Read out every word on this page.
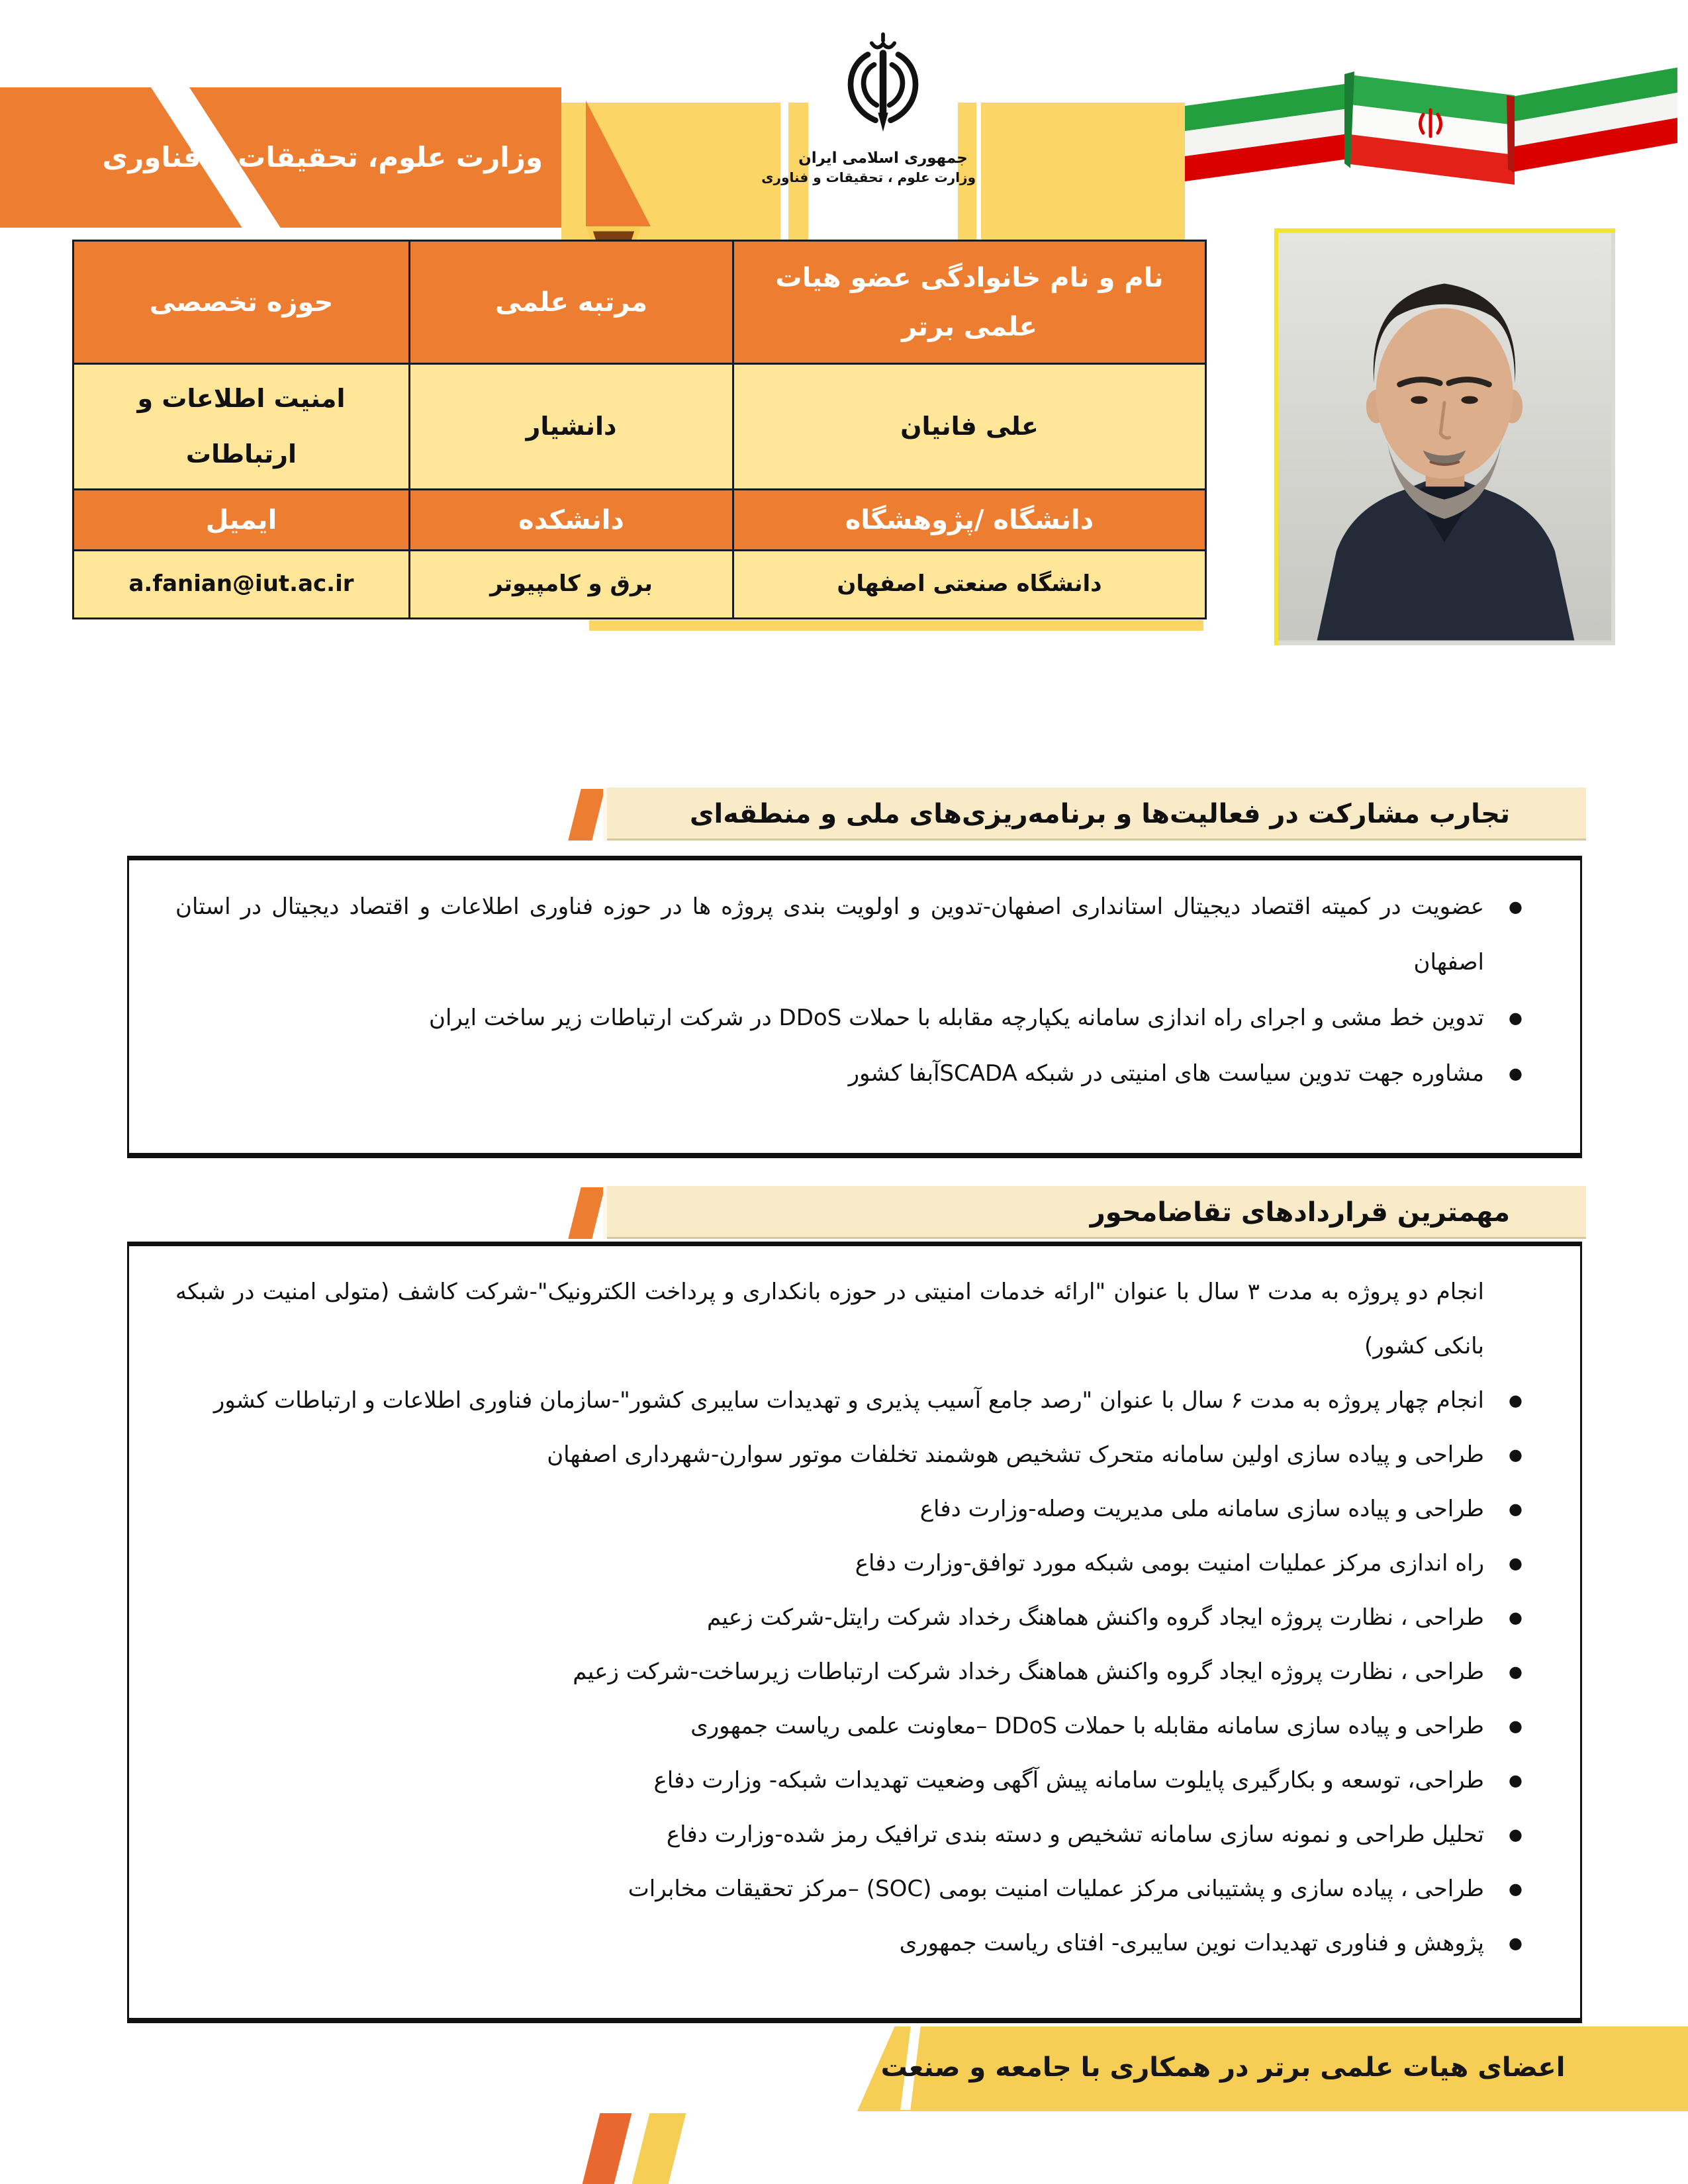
وزارت علوم، تحقیقات و فناوری	جمهوری اسلامی ایران
وزارت علوم ، تحقیقات و فناوری
نام و نام خانوادگی عضو هیات علمی برتر	مرتبه علمی	حوزه تخصصی
علی فانیان	دانشیار	امنیت اطلاعات و ارتباطات
دانشگاه /پژوهشگاه	دانشکده	ایمیل
دانشگاه صنعتی اصفهان	برق و کامپیوتر	a.fanian@iut.ac.ir
تجارب مشارکت در فعالیت‌ها و برنامه‌ریزی‌های ملی و منطقه‌ای
●
عضویت در کمیته اقتصاد دیجیتال استانداری اصفهان-تدوین و اولویت بندی پروژه ها در حوزه فناوری اطلاعات و اقتصاد دیجیتال در استان اصفهان
●
تدوین خط مشی و اجرای راه اندازی سامانه یکپارچه مقابله با حملات DDoS در شرکت ارتباطات زیر ساخت ایران
●
مشاوره جهت تدوین سیاست های امنیتی در شبکه SCADAآبفا کشور
مهمترین قراردادهای تقاضامحور
انجام دو پروژه به مدت ۳ سال با عنوان "ارائه خدمات امنیتی در حوزه بانکداری و پرداخت الکترونیک"-شرکت کاشف (متولی امنیت در شبکه بانکی کشور)
●
انجام چهار پروژه به مدت ۶ سال با عنوان "رصد جامع آسیب پذیری و تهدیدات سایبری کشور"-سازمان فناوری اطلاعات و ارتباطات کشور
●
طراحی و پیاده سازی اولین سامانه متحرک تشخیص هوشمند تخلفات موتور سوارن-شهرداری اصفهان
●
طراحی و پیاده سازی سامانه ملی مدیریت وصله-وزارت دفاع
●
راه اندازی مرکز عملیات امنیت بومی شبکه مورد توافق-وزارت دفاع
●
طراحی ، نظارت پروژه ایجاد گروه واکنش هماهنگ رخداد شرکت رایتل-شرکت زعیم
●
طراحی ، نظارت پروژه ایجاد گروه واکنش هماهنگ رخداد شرکت ارتباطات زیرساخت-شرکت زعیم
●
طراحی و پیاده سازی سامانه مقابله با حملات DDoS –معاونت علمی ریاست جمهوری
●
طراحی، توسعه و بکارگیری پایلوت سامانه پیش آگهی وضعیت تهدیدات شبکه- وزارت دفاع
●
تحلیل طراحی و نمونه سازی سامانه تشخیص و دسته بندی ترافیک رمز شده-وزارت دفاع
●
طراحی ، پیاده سازی و پشتیبانی مرکز عملیات امنیت بومی (SOC) –مرکز تحقیقات مخابرات
●
پژوهش و فناوری تهدیدات نوین سایبری- افتای ریاست جمهوری
اعضای هیات علمی برتر در همکاری با جامعه و صنعت
